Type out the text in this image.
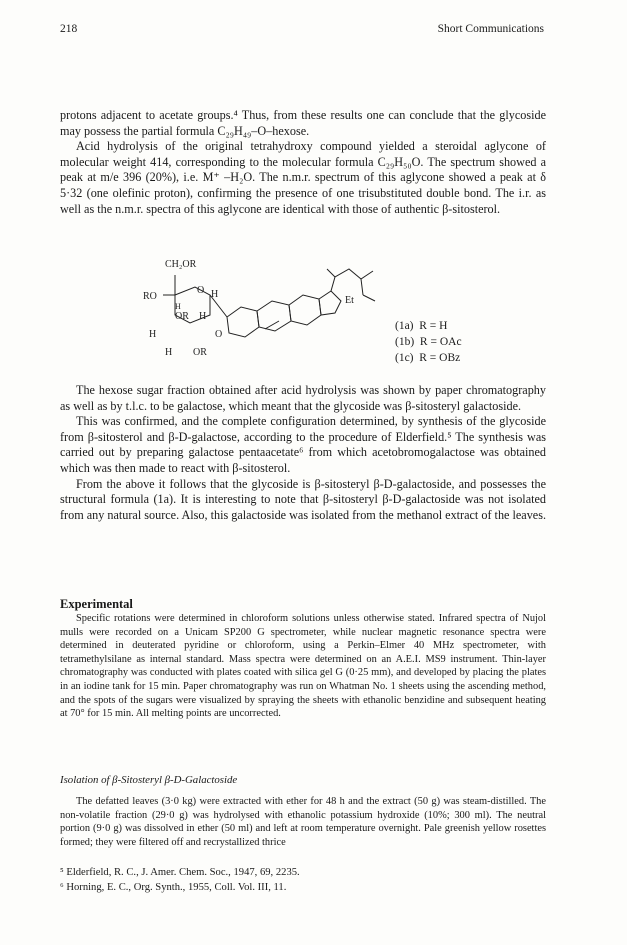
218	Short Communications

protons adjacent to acetate groups.⁴ Thus, from these results one can conclude that the glycoside may possess the partial formula C₂₉H₄₉–O–hexose.

Acid hydrolysis of the original tetrahydroxy compound yielded a steroidal aglycone of molecular weight 414, corresponding to the molecular formula C₂₉H₅₀O. The spectrum showed a peak at m/e 396 (20%), i.e. M⁺ –H₂O. The n.m.r. spectrum of this aglycone showed a peak at δ 5·32 (one olefinic proton), confirming the presence of one trisubstituted double bond. The i.r. as well as the n.m.r. spectra of this aglycone are identical with those of authentic β-sitosterol.

CH₂OR
RO
O H
H
OR H
H	O
H OR
Et
(1a) R = H
(1b) R = OAc
(1c) R = OBz

The hexose sugar fraction obtained after acid hydrolysis was shown by paper chromatography as well as by t.l.c. to be galactose, which meant that the glycoside was β-sitosteryl galactoside.

This was confirmed, and the complete configuration determined, by synthesis of the glycoside from β-sitosterol and β-D-galactose, according to the procedure of Elderfield.⁵ The synthesis was carried out by preparing galactose pentaacetate⁶ from which acetobromogalactose was obtained which was then made to react with β-sitosterol.

From the above it follows that the glycoside is β-sitosteryl β-D-galactoside, and possesses the structural formula (1a). It is interesting to note that β-sitosteryl β-D-galactoside was not isolated from any natural source. Also, this galactoside was isolated from the methanol extract of the leaves.

Experimental

Specific rotations were determined in chloroform solutions unless otherwise stated. Infrared spectra of Nujol mulls were recorded on a Unicam SP200 G spectrometer, while nuclear magnetic resonance spectra were determined in deuterated pyridine or chloroform, using a Perkin–Elmer 40 MHz spectrometer, with tetramethylsilane as internal standard. Mass spectra were determined on an A.E.I. MS9 instrument. Thin-layer chromatography was conducted with plates coated with silica gel G (0·25 mm), and developed by placing the plates in an iodine tank for 15 min. Paper chromatography was run on Whatman No. 1 sheets using the ascending method, and the spots of the sugars were visualized by spraying the sheets with ethanolic benzidine and subsequent heating at 70° for 15 min. All melting points are uncorrected.

Isolation of β-Sitosteryl β-D-Galactoside

The defatted leaves (3·0 kg) were extracted with ether for 48 h and the extract (50 g) was steam-distilled. The non-volatile fraction (29·0 g) was hydrolysed with ethanolic potassium hydroxide (10%; 300 ml). The neutral portion (9·0 g) was dissolved in ether (50 ml) and left at room temperature overnight. Pale greenish yellow rosettes formed; they were filtered off and recrystallized thrice

⁵ Elderfield, R. C., J. Amer. Chem. Soc., 1947, 69, 2235.
⁶ Horning, E. C., Org. Synth., 1955, Coll. Vol. III, 11.
